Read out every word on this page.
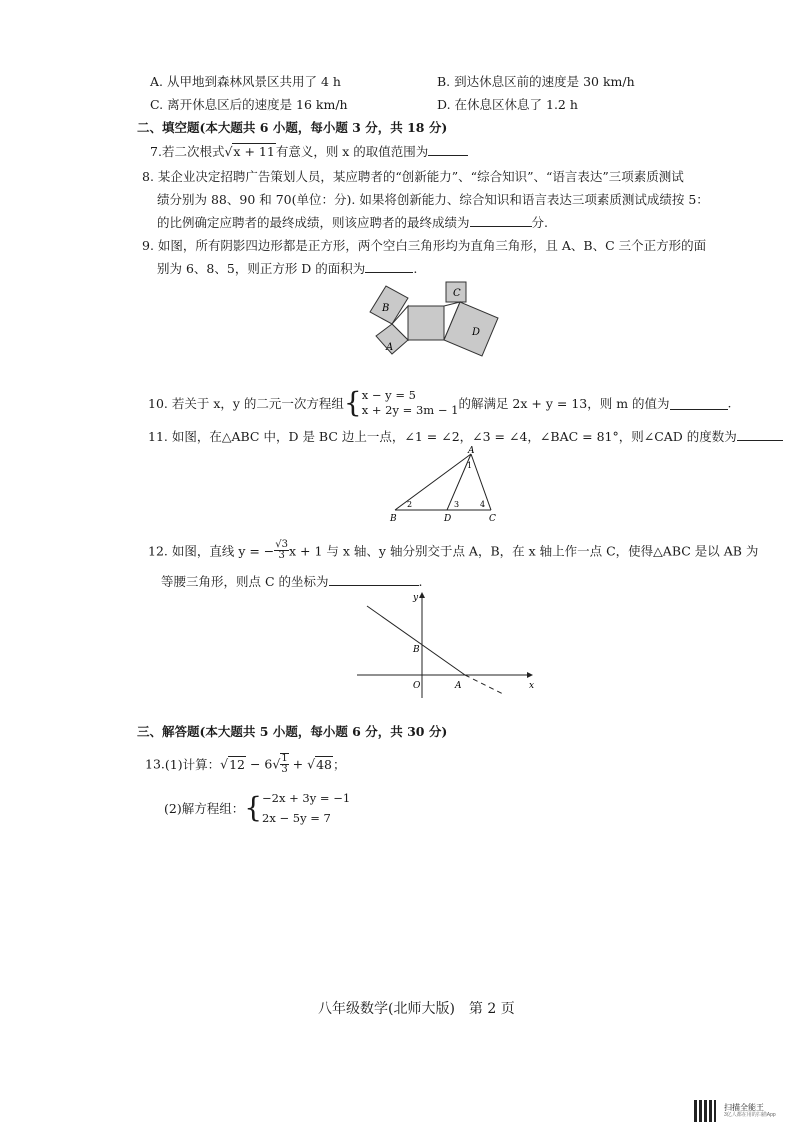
A. 从甲地到森林风景区共用了 4 h	B. 到达休息区前的速度是 30 km/h
C. 离开休息区后的速度是 16 km/h	D. 在休息区休息了 1.2 h
二、填空题(本大题共 6 小题，每小题 3 分，共 18 分)
7.若二次根式√x + 11有意义，则 x 的取值范围为
8. 某企业决定招聘广告策划人员，某应聘者的“创新能力”、“综合知识”、“语言表达”三项素质测试
绩分别为 88、90 和 70(单位：分). 如果将创新能力、综合知识和语言表达三项素质测试成绩按 5：
的比例确定应聘者的最终成绩，则该应聘者的最终成绩为	分.
9. 如图，所有阴影四边形都是正方形，两个空白三角形均为直角三角形，且 A、B、C 三个正方形的面
别为 6、8、5，则正方形 D 的面积为	.
B
A
C
D
10. 若关于 x，y 的二元一次方程组{ x − y = 5
x + 2y = 3m − 1 的解满足 2x + y = 13，则 m 的值为	.
11. 如图，在△ABC 中，D 是 BC 边上一点，∠1 = ∠2，∠3 = ∠4，∠BAC = 81°，则∠CAD 的度数为
A
B	D	C
1
2	3	4
12. 如图，直线 y = − $\frac{√3}{3}$ x + 1 与 x 轴、y 轴分别交于点 A，B，在 x 轴上作一点 C，使得△ABC 是以 AB 为
等腰三角形，则点 C 的坐标为	.
x
y
O	A
B
三、解答题(本大题共 5 小题，每小题 6 分，共 30 分)
13.(1)计算：$√12 - 6√ \frac{1}{3} + √48$；
(2)解方程组：{ −2x + 3y = −1
2x − 5y = 7
八年级数学(北师大版)　第 2 页

扫描全能王
3亿人都在用的扫描App
